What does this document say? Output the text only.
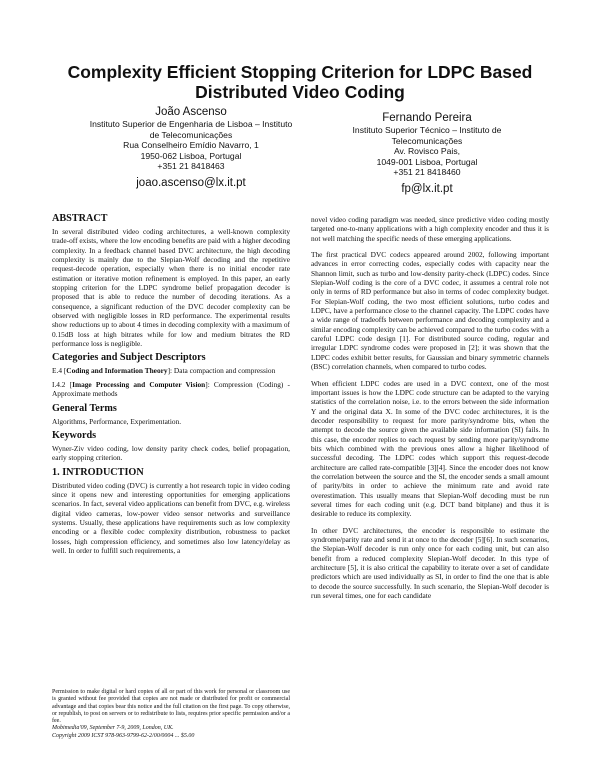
Complexity Efficient Stopping Criterion for LDPC Based
Distributed Video Coding
João Ascenso
Instituto Superior de Engenharia de Lisboa – Instituto
de Telecomunicações
Rua Conselheiro Emídio Navarro, 1
1950-062 Lisboa, Portugal
+351 21 8418463
joao.ascenso@lx.it.pt
Fernando Pereira
Instituto Superior Técnico – Instituto de
Telecomunicações
Av. Rovisco Pais,
1049-001 Lisboa, Portugal
+351 21 8418460
fp@lx.it.pt
ABSTRACT

In several distributed video coding architectures, a well-known complexity trade-off exists, where the low encoding benefits are paid with a higher decoding complexity. In a feedback channel based DVC architecture, the high decoding complexity is mainly due to the Slepian-Wolf decoding and the repetitive request-decode operation, especially when there is no initial encoder rate estimation or iterative motion refinement is employed. In this paper, an early stopping criterion for the LDPC syndrome belief propagation decoder is proposed that is able to reduce the number of decoding iterations. As a consequence, a significant reduction of the DVC decoder complexity can be observed with negligible losses in RD performance. The experimental results show reductions up to about 4 times in decoding complexity with a maximum of 0.15dB loss at high bitrates while for low and medium bitrates the RD performance loss is negligible.

Categories and Subject Descriptors

E.4 [Coding and Information Theory]: Data compaction and compression

I.4.2 [Image Processing and Computer Vision]: Compression (Coding) - Approximate methods

General Terms

Algorithms, Performance, Experimentation.

Keywords

Wyner-Ziv video coding, low density parity check codes, belief propagation, early stopping criterion.

1. INTRODUCTION

Distributed video coding (DVC) is currently a hot research topic in video coding since it opens new and interesting opportunities for emerging applications scenarios. In fact, several video applications can benefit from DVC, e.g. wireless digital video cameras, low-power video sensor networks and surveillance systems. Usually, these applications have requirements such as low complexity encoding or a flexible codec complexity distribution, robustness to packet losses, high compression efficiency, and sometimes also low latency/delay as well. In order to fulfill such requirements, a

Permission to make digital or hard copies of all or part of this work for personal or classroom use is granted without fee provided that copies are not made or distributed for profit or commercial advantage and that copies bear this notice and the full citation on the first page. To copy otherwise, or republish, to post on servers or to redistribute to lists, requires prior specific permission and/or a fee.
Mobimedia'09, September 7-9, 2009, London, UK.
Copyright 2009 ICST 978-963-9799-62-2/00/0004 ... $5.00

novel video coding paradigm was needed, since predictive video coding mostly targeted one-to-many applications with a high complexity encoder and thus it is not well matching the specific needs of these emerging applications.

The first practical DVC codecs appeared around 2002, following important advances in error correcting codes, especially codes with capacity near the Shannon limit, such as turbo and low-density parity-check (LDPC) codes. Since Slepian-Wolf coding is the core of a DVC codec, it assumes a central role not only in terms of RD performance but also in terms of codec complexity budget. For Slepian-Wolf coding, the two most efficient solutions, turbo codes and LDPC, have a performance close to the channel capacity. The LDPC codes have a wide range of tradeoffs between performance and decoding complexity and a similar encoding complexity can be achieved compared to the turbo codes with a careful LDPC code design [1]. For distributed source coding, regular and irregular LDPC syndrome codes were proposed in [2]; it was shown that the LDPC codes exhibit better results, for Gaussian and binary symmetric channels (BSC) correlation channels, when compared to turbo codes.

When efficient LDPC codes are used in a DVC context, one of the most important issues is how the LDPC code structure can be adapted to the varying statistics of the correlation noise, i.e. to the errors between the side information Y and the original data X. In some of the DVC codec architectures, it is the decoder responsibility to request for more parity/syndrome bits, when the attempt to decode the source given the available side information (SI) fails. In this case, the encoder replies to each request by sending more parity/syndrome bits which combined with the previous ones allow a higher likelihood of successful decoding. The LDPC codes which support this request-decode architecture are called rate-compatible [3][4]. Since the encoder does not know the correlation between the source and the SI, the encoder sends a small amount of parity/bits in order to achieve the minimum rate and avoid rate overestimation. This usually means that Slepian-Wolf decoding must be run several times for each coding unit (e.g. DCT band bitplane) and thus it is desirable to reduce its complexity.

In other DVC architectures, the encoder is responsible to estimate the syndrome/parity rate and send it at once to the decoder [5][6]. In such scenarios, the Slepian-Wolf decoder is run only once for each coding unit, but can also benefit from a reduced complexity Slepian-Wolf decoder. In this type of architecture [5], it is also critical the capability to iterate over a set of candidate predictors which are used individually as SI, in order to find the one that is able to decode the source successfully. In such scenario, the Slepian-Wolf decoder is run several times, one for each candidate
